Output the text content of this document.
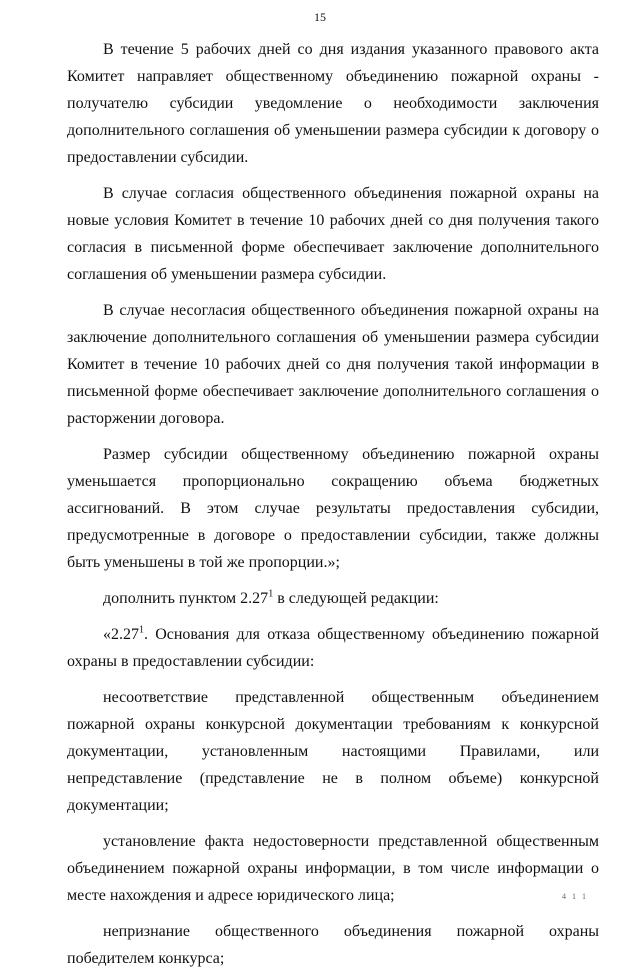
15

В течение 5 рабочих дней со дня издания указанного правового акта Комитет направляет общественному объединению пожарной охраны - получателю субсидии уведомление о необходимости заключения дополнительного соглашения об уменьшении размера субсидии к договору о предоставлении субсидии.

В случае согласия общественного объединения пожарной охраны на новые условия Комитет в течение 10 рабочих дней со дня получения такого согласия в письменной форме обеспечивает заключение дополнительного соглашения об уменьшении размера субсидии.

В случае несогласия общественного объединения пожарной охраны на заключение дополнительного соглашения об уменьшении размера субсидии Комитет в течение 10 рабочих дней со дня получения такой информации в письменной форме обеспечивает заключение дополнительного соглашения о расторжении договора.

Размер субсидии общественному объединению пожарной охраны уменьшается пропорционально сокращению объема бюджетных ассигнований. В этом случае результаты предоставления субсидии, предусмотренные в договоре о предоставлении субсидии, также должны быть уменьшены в той же пропорции.»;

дополнить пунктом 2.27$^1$ в следующей редакции:

«2.27$^1$. Основания для отказа общественному объединению пожарной охраны в предоставлении субсидии:

несоответствие представленной общественным объединением пожарной охраны конкурсной документации требованиям к конкурсной документации, установленным настоящими Правилами, или непредставление (представление не в полном объеме) конкурсной документации;

установление факта недостоверности представленной общественным объединением пожарной охраны информации, в том числе информации о месте нахождения и адресе юридического лица;

непризнание общественного объединения пожарной охраны победителем конкурса;

4 1 1
